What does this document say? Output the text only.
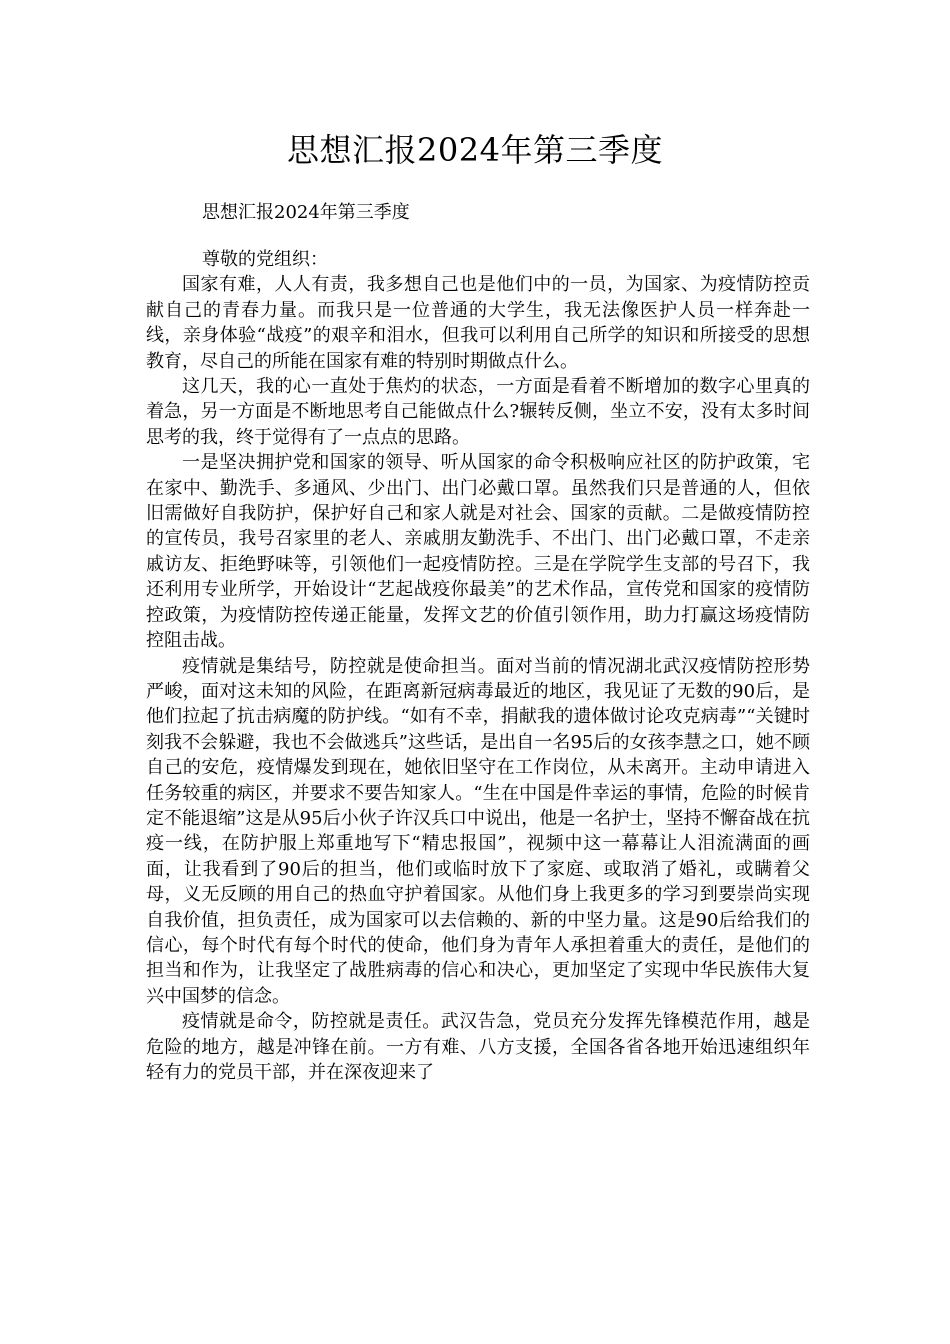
思想汇报2024年第三季度

思想汇报2024年第三季度

尊敬的党组织：

国家有难，人人有责，我多想自己也是他们中的一员，为国家、为疫情防控贡献自己的青春力量。而我只是一位普通的大学生，我无法像医护人员一样奔赴一线，亲身体验“战疫”的艰辛和泪水，但我可以利用自己所学的知识和所接受的思想教育，尽自己的所能在国家有难的特别时期做点什么。

这几天，我的心一直处于焦灼的状态，一方面是看着不断增加的数字心里真的着急，另一方面是不断地思考自己能做点什么?辗转反侧，坐立不安，没有太多时间思考的我，终于觉得有了一点点的思路。

一是坚决拥护党和国家的领导、听从国家的命令积极响应社区的防护政策，宅在家中、勤洗手、多通风、少出门、出门必戴口罩。虽然我们只是普通的人，但依旧需做好自我防护，保护好自己和家人就是对社会、国家的贡献。二是做疫情防控的宣传员，我号召家里的老人、亲戚朋友勤洗手、不出门、出门必戴口罩，不走亲戚访友、拒绝野味等，引领他们一起疫情防控。三是在学院学生支部的号召下，我还利用专业所学，开始设计“艺起战疫你最美”的艺术作品，宣传党和国家的疫情防控政策，为疫情防控传递正能量，发挥文艺的价值引领作用，助力打赢这场疫情防控阻击战。

疫情就是集结号，防控就是使命担当。面对当前的情况湖北武汉疫情防控形势严峻，面对这未知的风险，在距离新冠病毒最近的地区，我见证了无数的90后，是他们拉起了抗击病魔的防护线。“如有不幸，捐献我的遗体做讨论攻克病毒”“关键时刻我不会躲避，我也不会做逃兵”这些话，是出自一名95后的女孩李慧之口，她不顾自己的安危，疫情爆发到现在，她依旧坚守在工作岗位，从未离开。主动申请进入任务较重的病区，并要求不要告知家人。“生在中国是件幸运的事情，危险的时候肯定不能退缩”这是从95后小伙子许汉兵口中说出，他是一名护士，坚持不懈奋战在抗疫一线，在防护服上郑重地写下“精忠报国”，视频中这一幕幕让人泪流满面的画面，让我看到了90后的担当，他们或临时放下了家庭、或取消了婚礼，或瞒着父母，义无反顾的用自己的热血守护着国家。从他们身上我更多的学习到要崇尚实现自我价值，担负责任，成为国家可以去信赖的、新的中坚力量。这是90后给我们的信心，每个时代有每个时代的使命，他们身为青年人承担着重大的责任，是他们的担当和作为，让我坚定了战胜病毒的信心和决心，更加坚定了实现中华民族伟大复兴中国梦的信念。

疫情就是命令，防控就是责任。武汉告急，党员充分发挥先锋模范作用，越是危险的地方，越是冲锋在前。一方有难、八方支援，全国各省各地开始迅速组织年轻有力的党员干部，并在深夜迎来了
